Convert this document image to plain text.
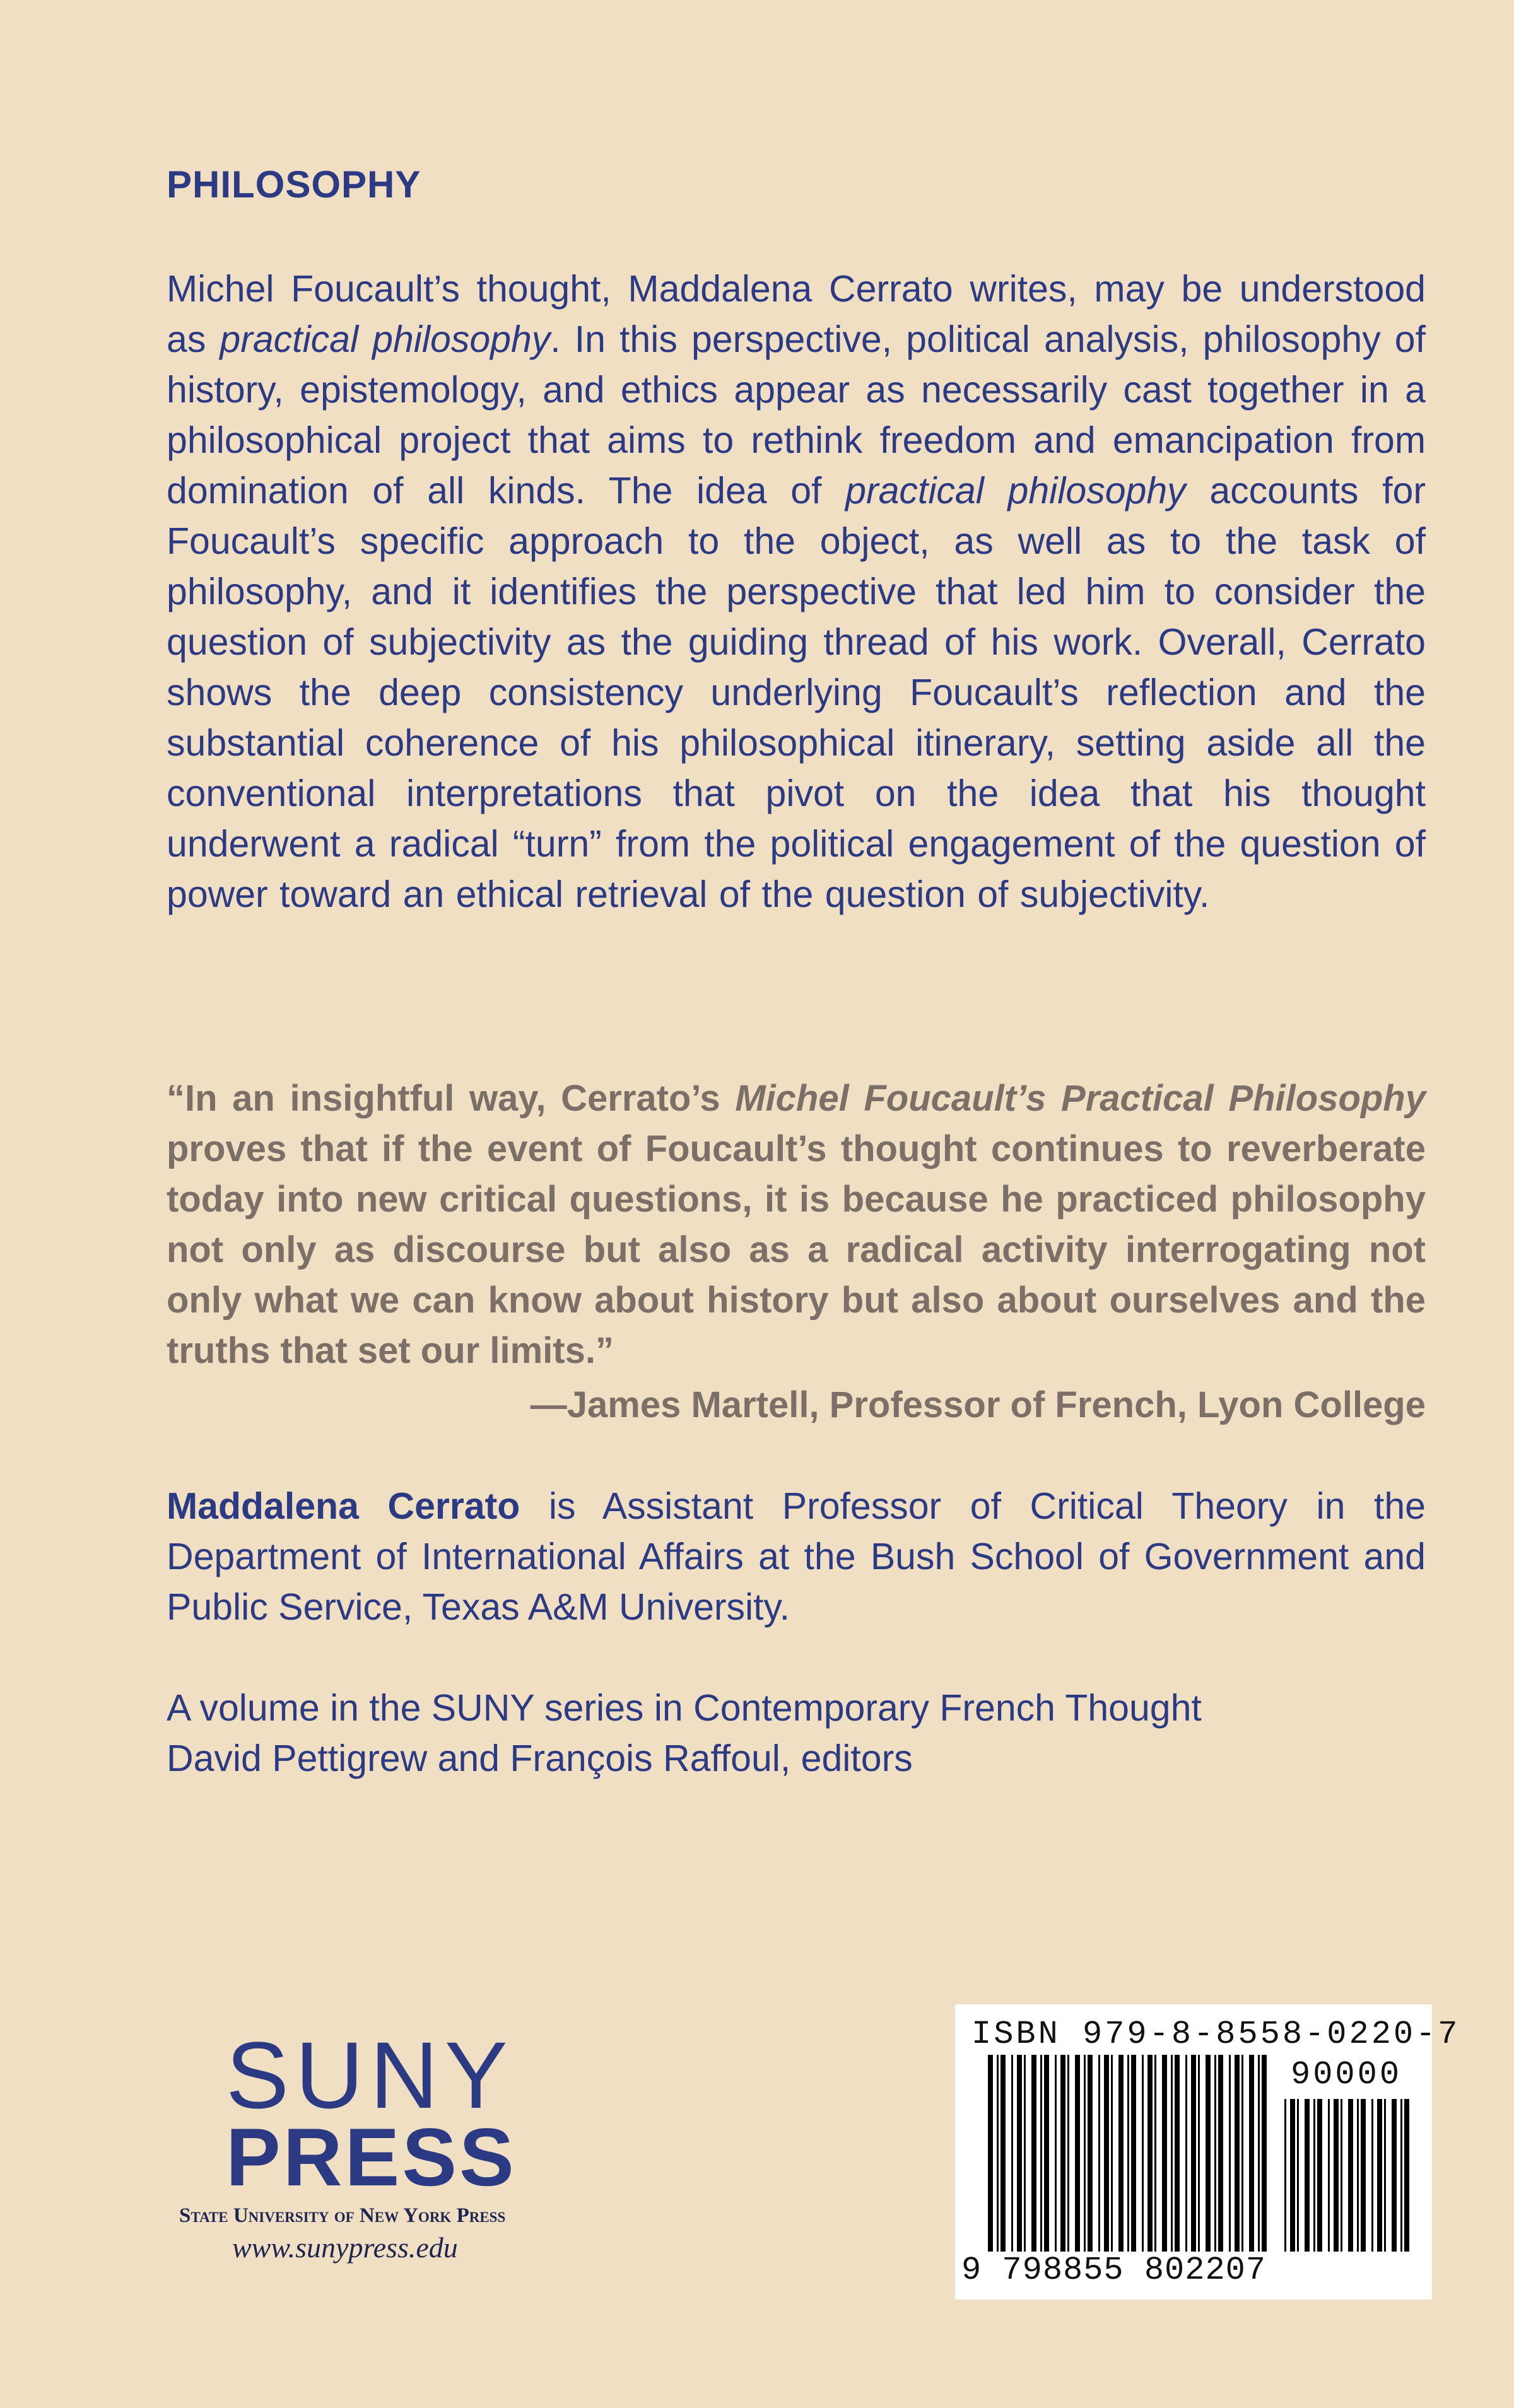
PHILOSOPHY
Michel Foucault’s thought, Maddalena Cerrato writes, may be understood as practical philosophy. In this perspective, political analysis, philosophy of history, epistemology, and ethics appear as necessarily cast together in a philosophical project that aims to rethink freedom and emancipation from domination of all kinds. The idea of practical philosophy accounts for Foucault’s specific approach to the object, as well as to the task of philosophy, and it identifies the perspective that led him to consider the question of subjectivity as the guiding thread of his work. Overall, Cerrato shows the deep consistency underlying Foucault’s reflection and the substantial coherence of his philosophical itinerary, setting aside all the conventional interpretations that pivot on the idea that his thought underwent a radical “turn” from the political engagement of the question of power toward an ethical retrieval of the question of subjectivity.
“In an insightful way, Cerrato’s Michel Foucault’s Practical Philosophy proves that if the event of Foucault’s thought continues to reverberate today into new critical questions, it is because he practiced philosophy not only as discourse but also as a radical activity interrogating not only what we can know about history but also about ourselves and the truths that set our limits.”
—James Martell, Professor of French, Lyon College
Maddalena Cerrato is Assistant Professor of Critical Theory in the Department of International Affairs at the Bush School of Government and Public Service, Texas A&M University.
A volume in the SUNY series in Contemporary French Thought
David Pettigrew and François Raffoul, editors
SUNY
PRESS
State University of New York Press
www.sunypress.edu
ISBN 979-8-8558-0220-7
90000
9 798855 802207
